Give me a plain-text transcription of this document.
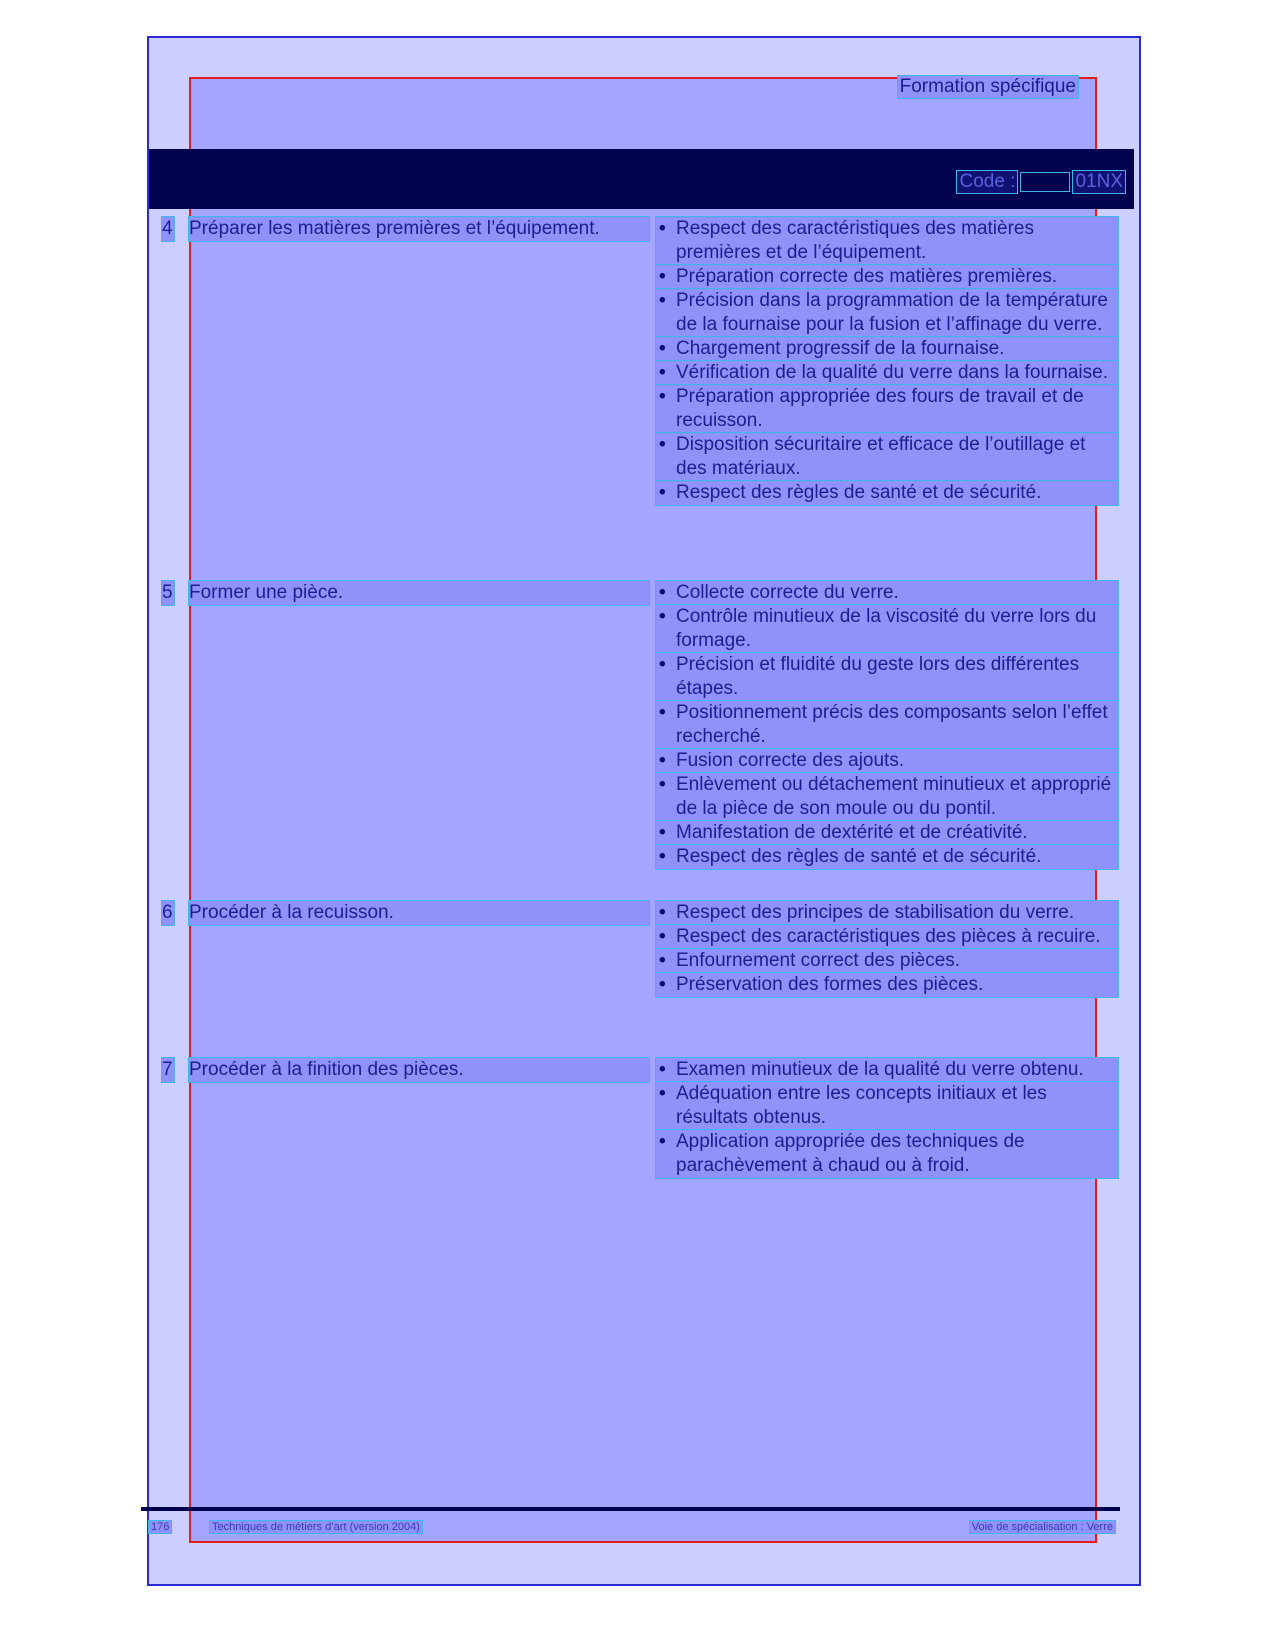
Formation spécifique
Code :	01NX
4 Préparer les matières premières et l’équipement.	• Respect des caractéristiques des matières premières et de l’équipement.
• Préparation correcte des matières premières.
• Précision dans la programmation de la température de la fournaise pour la fusion et l’affinage du verre.
• Chargement progressif de la fournaise.
• Vérification de la qualité du verre dans la fournaise.
• Préparation appropriée des fours de travail et de recuisson.
• Disposition sécuritaire et efficace de l’outillage et des matériaux.
• Respect des règles de santé et de sécurité.
5 Former une pièce.	• Collecte correcte du verre.
• Contrôle minutieux de la viscosité du verre lors du formage.
• Précision et fluidité du geste lors des différentes étapes.
• Positionnement précis des composants selon l’effet recherché.
• Fusion correcte des ajouts.
• Enlèvement ou détachement minutieux et approprié de la pièce de son moule ou du pontil.
• Manifestation de dextérité et de créativité.
• Respect des règles de santé et de sécurité.
6 Procéder à la recuisson.	• Respect des principes de stabilisation du verre.
• Respect des caractéristiques des pièces à recuire.
• Enfournement correct des pièces.
• Préservation des formes des pièces.
7 Procéder à la finition des pièces.	• Examen minutieux de la qualité du verre obtenu.
• Adéquation entre les concepts initiaux et les résultats obtenus.
• Application appropriée des techniques de parachèvement à chaud ou à froid.
176	Techniques de métiers d’art (version 2004)	Voie de spécialisation : Verre
